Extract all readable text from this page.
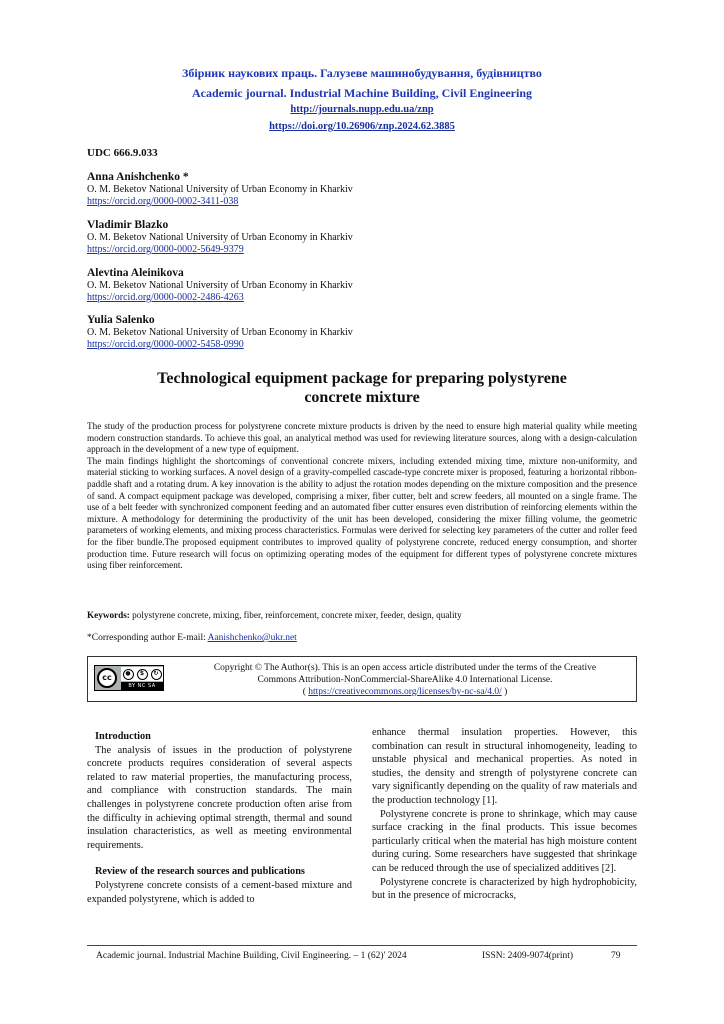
Збірник наукових праць. Галузеве машинобудування, будівництво
Academic journal. Industrial Machine Building, Civil Engineering
http://journals.nupp.edu.ua/znp
https://doi.org/10.26906/znp.2024.62.3885
UDC 666.9.033
Anna Anishchenko *
O. M. Beketov National University of Urban Economy in Kharkiv
https://orcid.org/0000-0002-3411-038
Vladimir Blazko
O. M. Beketov National University of Urban Economy in Kharkiv
https://orcid.org/0000-0002-5649-9379
Alevtina Aleinikova
O. M. Beketov National University of Urban Economy in Kharkiv
https://orcid.org/0000-0002-2486-4263
Yulia Salenko
O. M. Beketov National University of Urban Economy in Kharkiv
https://orcid.org/0000-0002-5458-0990
Technological equipment package for preparing polystyrene
concrete mixture

The study of the production process for polystyrene concrete mixture products is driven by the need to ensure high material quality while meeting modern construction standards. To achieve this goal, an analytical method was used for reviewing literature sources, along with a design-calculation approach in the development of a new type of equipment.

The main findings highlight the shortcomings of conventional concrete mixers, including extended mixing time, mixture non-uniformity, and material sticking to working surfaces. A novel design of a gravity-compelled cascade-type concrete mixer is proposed, featuring a horizontal ribbon-paddle shaft and a rotating drum. A key innovation is the ability to adjust the rotation modes depending on the mixture composition and the presence of sand. A compact equipment package was developed, comprising a mixer, fiber cutter, belt and screw feeders, all mounted on a single frame. The use of a belt feeder with synchronized component feeding and an automated fiber cutter ensures even distribution of reinforcing elements within the mixture. A methodology for determining the productivity of the unit has been developed, considering the mixer filling volume, the geometric parameters of working elements, and mixing process characteristics. Formulas were derived for selecting key parameters of the cutter and roller feed for the fiber bundle.The proposed equipment contributes to improved quality of polystyrene concrete, reduced energy consumption, and shorter production time. Future research will focus on optimizing operating modes of the equipment for different types of polystyrene concrete mixtures using fiber reinforcement.

Keywords: polystyrene concrete, mixing, fiber, reinforcement, concrete mixer, feeder, design, quality
*Corresponding author E-mail: Aanishchenko@ukr.net
cc	●	$	↻
BY NC SA
Copyright © The Author(s). This is an open access article distributed under the terms of the Creative
Commons Attribution-NonCommercial-ShareAlike 4.0 International License.
( https://creativecommons.org/licenses/by-nc-sa/4.0/ )

Introduction

The analysis of issues in the production of polystyrene concrete products requires consideration of several aspects related to raw material properties, the manufacturing process, and compliance with construction standards. The main challenges in polystyrene concrete production often arise from the difficulty in achieving optimal strength, thermal and sound insulation characteristics, as well as meeting environmental requirements.

Review of the research sources and publications

Polystyrene concrete consists of a cement-based mixture and expanded polystyrene, which is added to

enhance thermal insulation properties. However, this combination can result in structural inhomogeneity, leading to unstable physical and mechanical properties. As noted in studies, the density and strength of polystyrene concrete can vary significantly depending on the quality of raw materials and the production technology [1].

Polystyrene concrete is prone to shrinkage, which may cause surface cracking in the final products. This issue becomes particularly critical when the material has high moisture content during curing. Some researchers have suggested that shrinkage can be reduced through the use of specialized additives [2].

Polystyrene concrete is characterized by high hydrophobicity, but in the presence of microcracks,

Academic journal. Industrial Machine Building, Civil Engineering. – 1 (62)' 2024	ISSN: 2409-9074(print)	79
